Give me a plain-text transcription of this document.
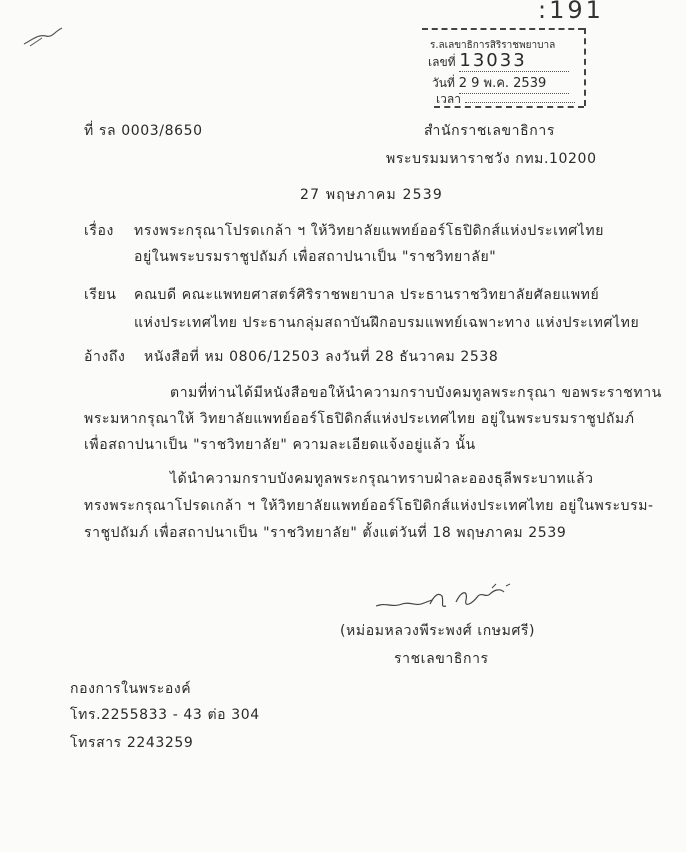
:191
ร.ลเลขาธิการสิริราชพยาบาล
เลขที่ 13033
วันที่ 2 9 พ.ค. 2539
เวลา
ที่ รล 0003/8650	สำนักราชเลขาธิการ
พระบรมมหาราชวัง กทม.10200
27 พฤษภาคม 2539
เรื่อง ทรงพระกรุณาโปรดเกล้า ฯ ให้วิทยาลัยแพทย์ออร์โธปิดิกส์แห่งประเทศไทย
อยู่ในพระบรมราชูปถัมภ์ เพื่อสถาปนาเป็น "ราชวิทยาลัย"
เรียน คณบดี คณะแพทยศาสตร์ศิริราชพยาบาล ประธานราชวิทยาลัยศัลยแพทย์
แห่งประเทศไทย ประธานกลุ่มสถาบันฝึกอบรมแพทย์เฉพาะทาง แห่งประเทศไทย
อ้างถึง หนังสือที่ หม 0806/12503 ลงวันที่ 28 ธันวาคม 2538
ตามที่ท่านได้มีหนังสือขอให้นำความกราบบังคมทูลพระกรุณา ขอพระราชทาน
พระมหากรุณาให้ วิทยาลัยแพทย์ออร์โธปิดิกส์แห่งประเทศไทย อยู่ในพระบรมราชูปถัมภ์
เพื่อสถาปนาเป็น "ราชวิทยาลัย" ความละเอียดแจ้งอยู่แล้ว นั้น
ได้นำความกราบบังคมทูลพระกรุณาทราบฝ่าละอองธุลีพระบาทแล้ว
ทรงพระกรุณาโปรดเกล้า ฯ ให้วิทยาลัยแพทย์ออร์โธปิดิกส์แห่งประเทศไทย อยู่ในพระบรม-
ราชูปถัมภ์ เพื่อสถาปนาเป็น "ราชวิทยาลัย" ตั้งแต่วันที่ 18 พฤษภาคม 2539
(หม่อมหลวงพีระพงศ์ เกษมศรี)
ราชเลขาธิการ
กองการในพระองค์
โทร.2255833 - 43 ต่อ 304
โทรสาร 2243259
